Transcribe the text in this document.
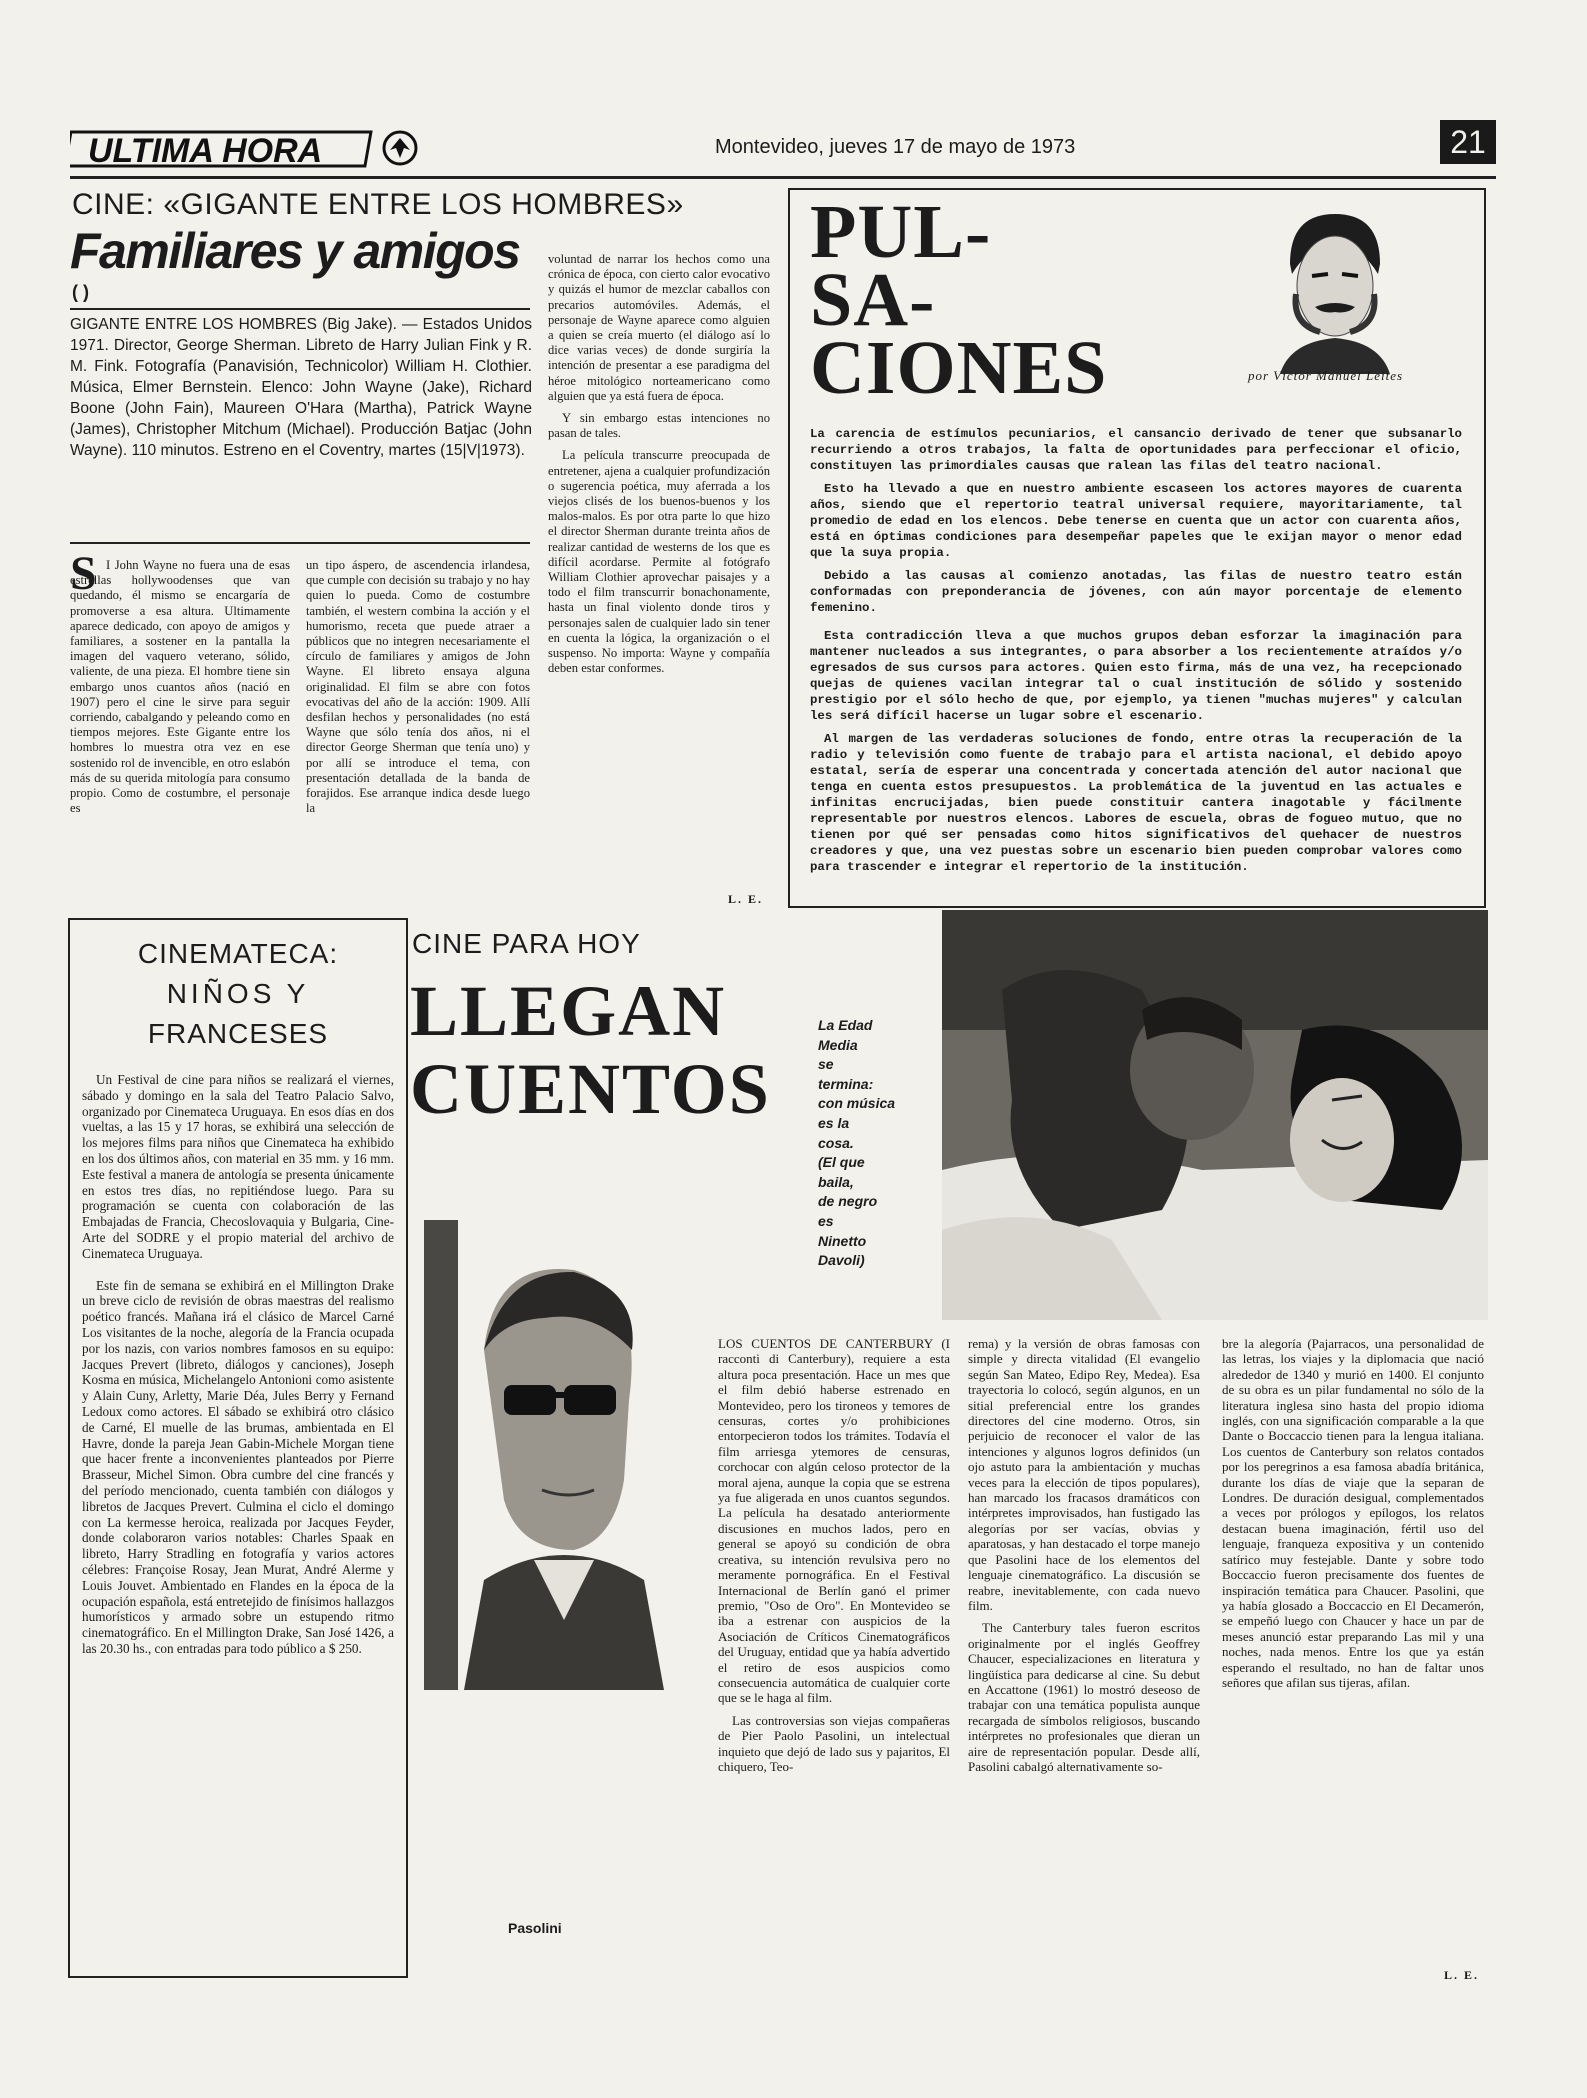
ULTIMA HORA	Montevideo, jueves 17 de mayo de 1973	21
CINE: «GIGANTE ENTRE LOS HOMBRES»
Familiares y amigos
( )
GIGANTE ENTRE LOS HOMBRES (Big Jake). — Estados Unidos 1971. Director, George Sherman. Libreto de Harry Julian Fink y R. M. Fink. Fotografía (Panavisión, Technicolor) William H. Clothier. Música, Elmer Bernstein. Elenco: John Wayne (Jake), Richard Boone (John Fain), Maureen O'Hara (Martha), Patrick Wayne (James), Christopher Mitchum (Michael). Producción Batjac (John Wayne). 110 minutos. Estreno en el Coventry, martes (15|V|1973).
S I John Wayne no fuera una de esas estrellas hollywoodenses que van quedando, él mismo se encargaría de promoverse a esa altura. Ultimamente aparece dedicado, con apoyo de amigos y familiares, a sostener en la pantalla la imagen del vaquero veterano, sólido, valiente, de una pieza. El hombre tiene sin embargo unos cuantos años (nació en 1907) pero el cine le sirve para seguir corriendo, cabalgando y peleando como en tiempos mejores. Este Gigante entre los hombres lo muestra otra vez en ese sostenido rol de invencible, en otro eslabón más de su querida mitología para consumo propio. Como de costumbre, el personaje es
un tipo áspero, de ascendencia irlandesa, que cumple con decisión su trabajo y no hay quien lo pueda. Como de costumbre también, el western combina la acción y el humorismo, receta que puede atraer a públicos que no integren necesariamente el círculo de familiares y amigos de John Wayne. El libreto ensaya alguna originalidad. El film se abre con fotos evocativas del año de la acción: 1909. Allí desfilan hechos y personalidades (no está Wayne que sólo tenía dos años, ni el director George Sherman que tenía uno) y por allí se introduce el tema, con presentación detallada de la banda de forajidos. Ese arranque indica desde luego la

voluntad de narrar los hechos como una crónica de época, con cierto calor evocativo y quizás el humor de mezclar caballos con precarios automóviles. Además, el personaje de Wayne aparece como alguien a quien se creía muerto (el diálogo así lo dice varias veces) de donde surgiría la intención de presentar a ese paradigma del héroe mitológico norteamericano como alguien que ya está fuera de época.

Y sin embargo estas intenciones no pasan de tales.

La película transcurre preocupada de entretener, ajena a cualquier profundización o sugerencia poética, muy aferrada a los viejos clisés de los buenos-buenos y los malos-malos. Es por otra parte lo que hizo el director Sherman durante treinta años de realizar cantidad de westerns de los que es difícil acordarse. Permite al fotógrafo William Clothier aprovechar paisajes y a todo el film transcurrir bonachonamente, hasta un final violento donde tiros y personajes salen de cualquier lado sin tener en cuenta la lógica, la organización o el suspenso. No importa: Wayne y compañía deben estar conformes.

L. E.
PUL-
SA-
CIONES	por Víctor Manuel Leites

La carencia de estímulos pecuniarios, el cansancio derivado de tener que subsanarlo recurriendo a otros trabajos, la falta de oportunidades para perfeccionar el oficio, constituyen las primordiales causas que ralean las filas del teatro nacional.

Esto ha llevado a que en nuestro ambiente escaseen los actores mayores de cuarenta años, siendo que el repertorio teatral universal requiere, mayoritariamente, tal promedio de edad en los elencos. Debe tenerse en cuenta que un actor con cuarenta años, está en óptimas condiciones para desempeñar papeles que le exijan mayor o menor edad que la suya propia.

Debido a las causas al comienzo anotadas, las filas de nuestro teatro están conformadas con preponderancia de jóvenes, con aún mayor porcentaje de elemento femenino.

Esta contradicción lleva a que muchos grupos deban esforzar la imaginación para mantener nucleados a sus integrantes, o para absorber a los recientemente atraídos y/o egresados de sus cursos para actores. Quien esto firma, más de una vez, ha recepcionado quejas de quienes vacilan integrar tal o cual institución de sólido y sostenido prestigio por el sólo hecho de que, por ejemplo, ya tienen "muchas mujeres" y calculan les será difícil hacerse un lugar sobre el escenario.

Al margen de las verdaderas soluciones de fondo, entre otras la recuperación de la radio y televisión como fuente de trabajo para el artista nacional, el debido apoyo estatal, sería de esperar una concentrada y concertada atención del autor nacional que tenga en cuenta estos presupuestos. La problemática de la juventud en las actuales e infinitas encrucijadas, bien puede constituir cantera inagotable y fácilmente representable por nuestros elencos. Labores de escuela, obras de fogueo mutuo, que no tienen por qué ser pensadas como hitos significativos del quehacer de nuestros creadores y que, una vez puestas sobre un escenario bien pueden comprobar valores como para trascender e integrar el repertorio de la institución.

CINEMATECA:
NIÑOS Y
FRANCESES

Un Festival de cine para niños se realizará el viernes, sábado y domingo en la sala del Teatro Palacio Salvo, organizado por Cinemateca Uruguaya. En esos días en dos vueltas, a las 15 y 17 horas, se exhibirá una selección de los mejores films para niños que Cinemateca ha exhibido en los dos últimos años, con material en 35 mm. y 16 mm. Este festival a manera de antología se presenta únicamente en estos tres días, no repitiéndose luego. Para su programación se cuenta con colaboración de las Embajadas de Francia, Checoslovaquia y Bulgaria, Cine-Arte del SODRE y el propio material del archivo de Cinemateca Uruguaya.

Este fin de semana se exhibirá en el Millington Drake un breve ciclo de revisión de obras maestras del realismo poético francés. Mañana irá el clásico de Marcel Carné Los visitantes de la noche, alegoría de la Francia ocupada por los nazis, con varios nombres famosos en su equipo: Jacques Prevert (libreto, diálogos y canciones), Joseph Kosma en música, Michelangelo Antonioni como asistente y Alain Cuny, Arletty, Marie Déa, Jules Berry y Fernand Ledoux como actores. El sábado se exhibirá otro clásico de Carné, El muelle de las brumas, ambientada en El Havre, donde la pareja Jean Gabin-Michele Morgan tiene que hacer frente a inconvenientes planteados por Pierre Brasseur, Michel Simon. Obra cumbre del cine francés y del período mencionado, cuenta también con diálogos y libretos de Jacques Prevert. Culmina el ciclo el domingo con La kermesse heroica, realizada por Jacques Feyder, donde colaboraron varios notables: Charles Spaak en libreto, Harry Stradling en fotografía y varios actores célebres: Françoise Rosay, Jean Murat, André Alerme y Louis Jouvet. Ambientado en Flandes en la época de la ocupación española, está entretejido de finísimos hallazgos humorísticos y armado sobre un estupendo ritmo cinematográfico. En el Millington Drake, San José 1426, a las 20.30 hs., con entradas para todo público a $ 250.

CINE PARA HOY
LLEGAN
CUENTOS
La Edad
Media
se
termina:
con música
es la
cosa.
(El que
baila,
de negro
es
Ninetto
Davoli)
Pasolini

LOS CUENTOS DE CANTERBURY (I racconti di Canterbury), requiere a esta altura poca presentación. Hace un mes que el film debió haberse estrenado en Montevideo, pero los tironeos y temores de censuras, cortes y/o prohibiciones entorpecieron todos los trámites. Todavía el film arriesga ytemores de censuras, corchocar con algún celoso protector de la moral ajena, aunque la copia que se estrena ya fue aligerada en unos cuantos segundos. La película ha desatado anteriormente discusiones en muchos lados, pero en general se apoyó su condición de obra creativa, su intención revulsiva pero no meramente pornográfica. En el Festival Internacional de Berlín ganó el primer premio, "Oso de Oro". En Montevideo se iba a estrenar con auspicios de la Asociación de Críticos Cinematográficos del Uruguay, entidad que ya había advertido el retiro de esos auspicios como consecuencia automática de cualquier corte que se le haga al film.

Las controversias son viejas compañeras de Pier Paolo Pasolini, un intelectual inquieto que dejó de lado sus y pajaritos, El chiquero, Teo-

rema) y la versión de obras famosas con simple y directa vitalidad (El evangelio según San Mateo, Edipo Rey, Medea). Esa trayectoria lo colocó, según algunos, en un sitial preferencial entre los grandes directores del cine moderno. Otros, sin perjuicio de reconocer el valor de las intenciones y algunos logros definidos (un ojo astuto para la ambientación y muchas veces para la elección de tipos populares), han marcado los fracasos dramáticos con intérpretes improvisados, han fustigado las alegorías por ser vacías, obvias y aparatosas, y han destacado el torpe manejo que Pasolini hace de los elementos del lenguaje cinematográfico. La discusión se reabre, inevitablemente, con cada nuevo film.

The Canterbury tales fueron escritos originalmente por el inglés Geoffrey Chaucer, especializaciones en literatura y lingüística para dedicarse al cine. Su debut en Accattone (1961) lo mostró deseoso de trabajar con una temática populista aunque recargada de símbolos religiosos, buscando intérpretes no profesionales que dieran un aire de representación popular. Desde allí, Pasolini cabalgó alternativamente so-

bre la alegoría (Pajarracos, una personalidad de las letras, los viajes y la diplomacia que nació alrededor de 1340 y murió en 1400. El conjunto de su obra es un pilar fundamental no sólo de la literatura inglesa sino hasta del propio idioma inglés, con una significación comparable a la que Dante o Boccaccio tienen para la lengua italiana. Los cuentos de Canterbury son relatos contados por los peregrinos a esa famosa abadía británica, durante los días de viaje que la separan de Londres. De duración desigual, complementados a veces por prólogos y epílogos, los relatos destacan buena imaginación, fértil uso del lenguaje, franqueza expositiva y un contenido satírico muy festejable. Dante y sobre todo Boccaccio fueron precisamente dos fuentes de inspiración temática para Chaucer. Pasolini, que ya había glosado a Boccaccio en El Decamerón, se empeñó luego con Chaucer y hace un par de meses anunció estar preparando Las mil y una noches, nada menos. Entre los que ya están esperando el resultado, no han de faltar unos señores que afilan sus tijeras, afilan.

L. E.
